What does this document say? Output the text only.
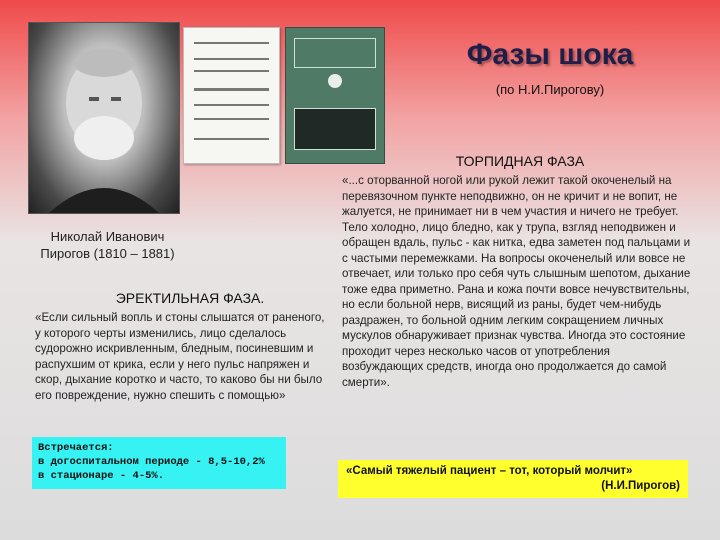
Фазы шока
(по Н.И.Пирогову)
ТОРПИДНАЯ ФАЗА
«...с оторванной ногой или рукой лежит такой окоченелый на перевязочном пункте неподвижно, он не кричит и не вопит, не жалуется, не принимает ни в чем участия и ничего не требует. Тело холодно, лицо бледно, как у трупа, взгляд неподвижен и обращен вдаль, пульс - как нитка, едва заметен под пальцами и с частыми перемежками. На вопросы окоченелый или вовсе не отвечает, или только про себя чуть слышным шепотом, дыхание тоже едва приметно. Рана и кожа почти вовсе нечувствительны, но если больной нерв, висящий из раны, будет чем-нибудь раздражен, то больной одним легким сокращением личных мускулов обнаруживает признак чувства. Иногда это состояние проходит через несколько часов от употребления возбуждающих средств, иногда оно продолжается до самой смерти».
Николай Иванович
Пирогов (1810 – 1881)
ЭРЕКТИЛЬНАЯ ФАЗА.
«Если сильный вопль и стоны слышатся от раненого, у которого черты изменились, лицо сделалось судорожно искривленным, бледным, посиневшим и распухшим от крика, если у него пульс напряжен и скор, дыхание коротко и часто, то каково бы ни было его повреждение, нужно спешить с помощью»
Встречается:
в догоспитальном периоде - 8,5-10,2%
в стационаре - 4-5%.	«Самый тяжелый пациент – тот, который молчит»
(Н.И.Пирогов)
